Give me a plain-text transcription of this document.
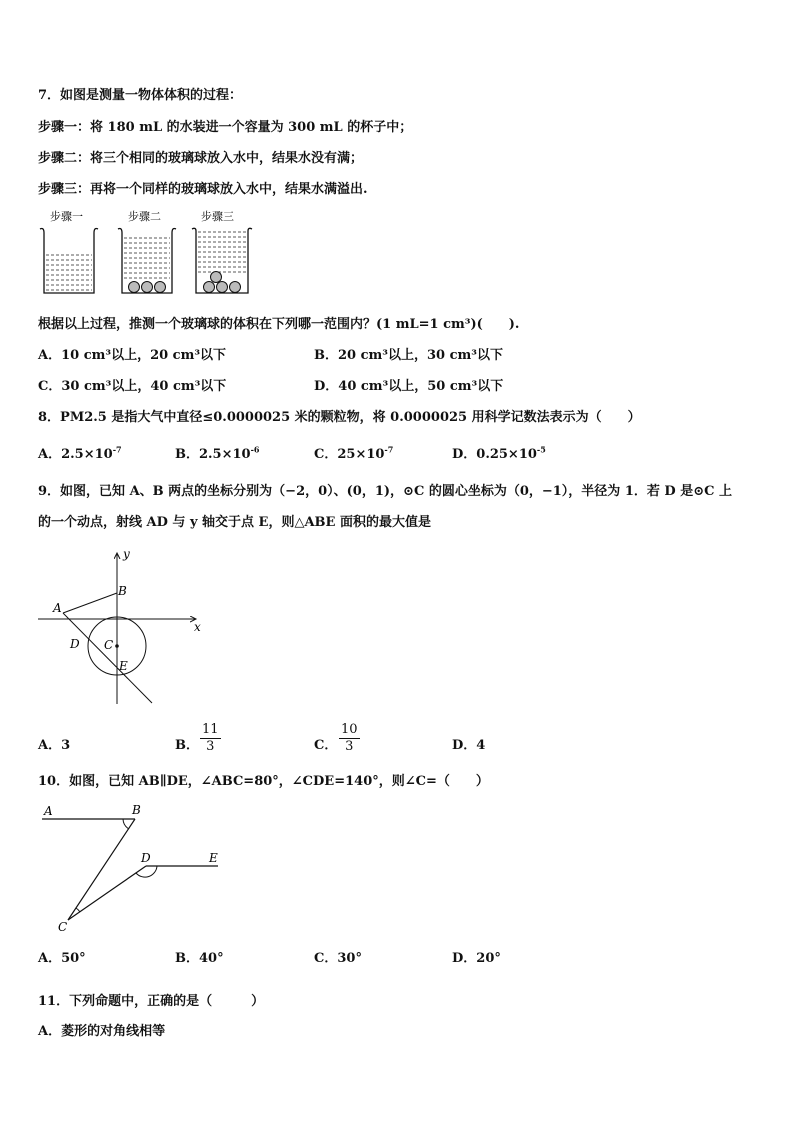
7．如图是测量一物体体积的过程：
步骤一：将 180 mL 的水装进一个容量为 300 mL 的杯子中；
步骤二：将三个相同的玻璃球放入水中，结果水没有满；
步骤三：再将一个同样的玻璃球放入水中，结果水满溢出.
步骤一	步骤二	步骤三
根据以上过程，推测一个玻璃球的体积在下列哪一范围内？(1 mL=1 cm³)(　　).
A．10 cm³以上，20 cm³以下	B．20 cm³以上，30 cm³以下
C．30 cm³以上，40 cm³以下	D．40 cm³以上，50 cm³以下
8．PM2.5 是指大气中直径≤0.0000025 米的颗粒物，将 0.0000025 用科学记数法表示为（　　）
A．$2.5\times 10^{-7}$	B．$2.5\times 10^{-6}$	C．$25\times 10^{-7}$	D．$0.25\times 10^{-5}$
9．如图，已知 A、B 两点的坐标分别为（−2，0）、(0，1)，⊙C 的圆心坐标为（0，−1），半径为 1．若 D 是⊙C 上
的一个动点，射线 AD 与 y 轴交于点 E，则△ABE 面积的最大值是
y
x
A
B
C
D
E
A．3	B． $\frac{11}{3}$	C． $\frac{10}{3}$	D．4
10．如图，已知 AB∥DE，∠ABC=80°，∠CDE=140°，则∠C=（　　）
A	B
D	E
C
A．50°	B．40°	C．30°	D．20°
11．下列命题中，正确的是（　　　）
A．菱形的对角线相等
